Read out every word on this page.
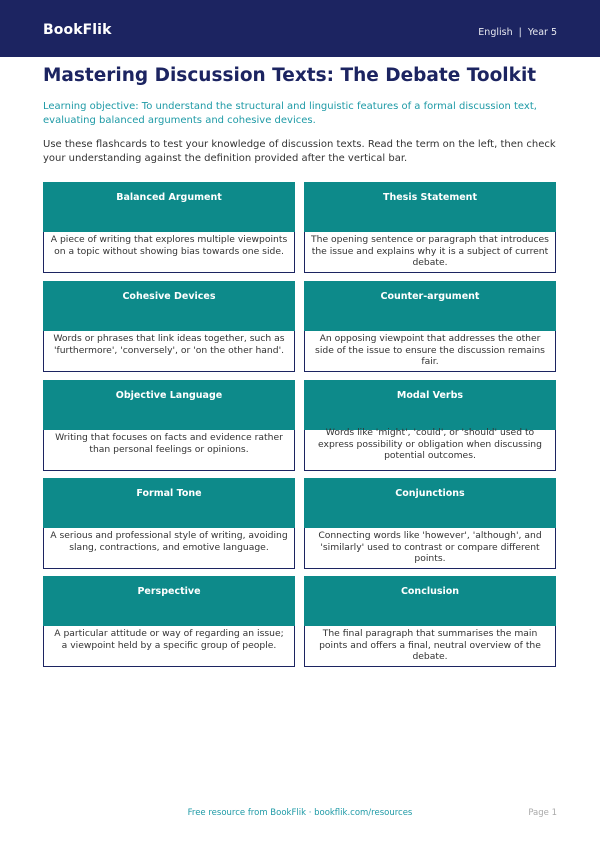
BookFlik	English | Year 5
Mastering Discussion Texts: The Debate Toolkit
Learning objective: To understand the structural and linguistic features of a formal discussion text, evaluating balanced arguments and cohesive devices.
Use these flashcards to test your knowledge of discussion texts. Read the term on the left, then check your understanding against the definition provided after the vertical bar.
Balanced Argument
A piece of writing that explores multiple viewpoints on a topic without showing bias towards one side.
Thesis Statement
The opening sentence or paragraph that introduces the issue and explains why it is a subject of current debate.
Cohesive Devices
Words or phrases that link ideas together, such as 'furthermore', 'conversely', or 'on the other hand'.
Counter-argument
An opposing viewpoint that addresses the other side of the issue to ensure the discussion remains fair.
Objective Language
Writing that focuses on facts and evidence rather than personal feelings or opinions.
Modal Verbs
Words like 'might', 'could', or 'should' used to express possibility or obligation when discussing potential outcomes.
Formal Tone
A serious and professional style of writing, avoiding slang, contractions, and emotive language.
Conjunctions
Connecting words like 'however', 'although', and 'similarly' used to contrast or compare different points.
Perspective
A particular attitude or way of regarding an issue; a viewpoint held by a specific group of people.
Conclusion
The final paragraph that summarises the main points and offers a final, neutral overview of the debate.
Free resource from BookFlik · bookflik.com/resources	Page 1
